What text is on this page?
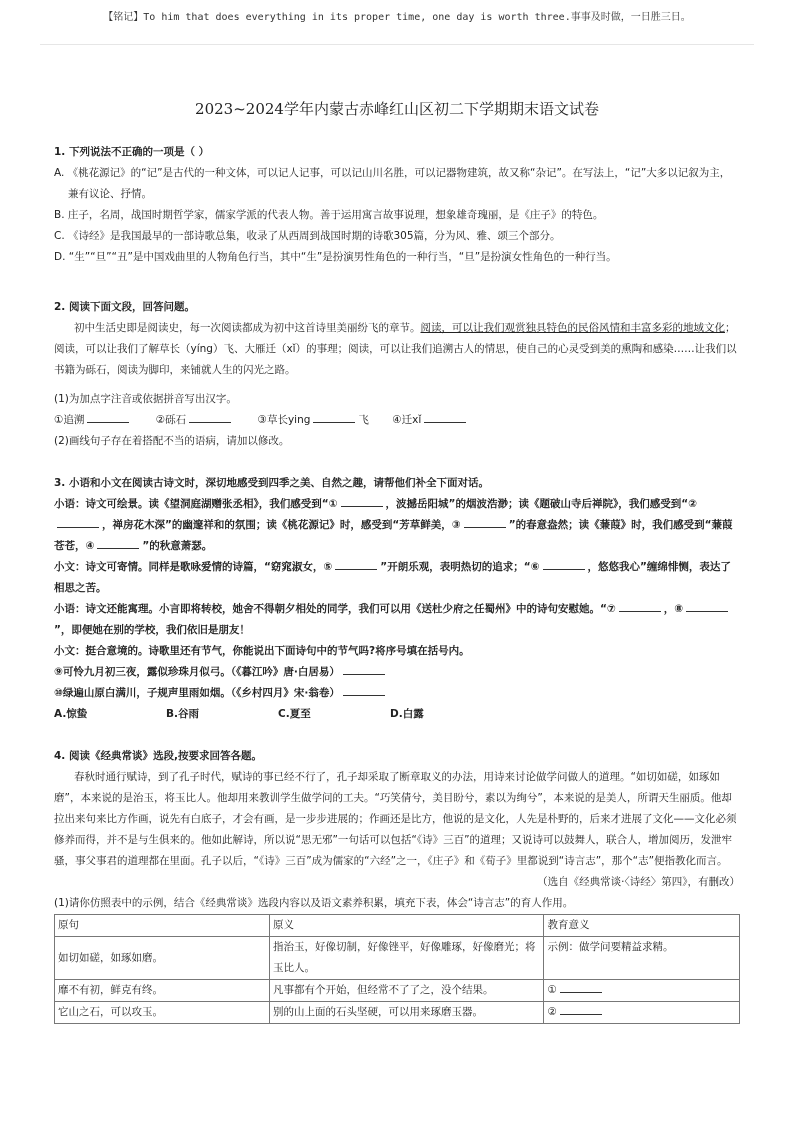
【铭记】To him that does everything in its proper time, one day is worth three.事事及时做，一日胜三日。
2023~2024学年内蒙古赤峰红山区初二下学期期末语文试卷
1. 下列说法不正确的一项是（ ）
A. 《桃花源记》的“记”是古代的一种文体，可以记人记事，可以记山川名胜，可以记器物建筑，故又称“杂记”。在写法上，“记”大多以记叙为主，兼有议论、抒情。
B. 庄子，名周，战国时期哲学家，儒家学派的代表人物。善于运用寓言故事说理，想象雄奇瑰丽，是《庄子》的特色。
C. 《诗经》是我国最早的一部诗歌总集，收录了从西周到战国时期的诗歌305篇，分为风、雅、颂三个部分。
D. “生”“旦”“丑”是中国戏曲里的人物角色行当，其中“生”是扮演男性角色的一种行当，“旦”是扮演女性角色的一种行当。
2. 阅读下面文段，回答问题。
初中生活史即是阅读史，每一次阅读都成为初中这首诗里美丽纷飞的章节。阅读，可以让我们观赏独具特色的民俗风情和丰富多彩的地域文化；阅读，可以让我们了解草长（yíng）飞、大雁迁（xǐ）的事理；阅读，可以让我们追溯古人的情思，使自己的心灵受到美的熏陶和感染……让我们以书籍为砾石，阅读为脚印，来铺就人生的闪光之路。
(1)为加点字注音或依据拼音写出汉字。
①追溯	②砾石	③草长ying	飞 ④迁xǐ
(2)画线句子存在着搭配不当的语病，请加以修改。
3. 小语和小文在阅读古诗文时，深切地感受到四季之美、自然之趣，请帮他们补全下面对话。
小语：诗文可绘景。读《望洞庭湖赠张丞相》，我们感受到“①	，波撼岳阳城”的烟波浩渺；读《题破山寺后禅院》，我们感受到“②，禅房花木深”的幽邃祥和的氛围；读《桃花源记》时，感受到“芳草鲜美，③	”的春意盎然；读《蒹葭》时，我们感受到“蒹葭苍苍，④	”的秋意萧瑟。
小文：诗文可寄情。同样是歌咏爱情的诗篇，“窈窕淑女，⑤	”开朗乐观，表明热切的追求；“⑥	，悠悠我心”缠绵悱恻，表达了相思之苦。
小语：诗文还能寓理。小言即将转校，她舍不得朝夕相处的同学，我们可以用《送杜少府之任蜀州》中的诗句安慰她。“⑦	，⑧”，即便她在别的学校，我们依旧是朋友！
小文：挺合意境的。诗歌里还有节气，你能说出下面诗句中的节气吗?将序号填在括号内。
⑨可怜九月初三夜，露似珍珠月似弓。（《暮江吟》唐·白居易）
⑩绿遍山原白满川，子规声里雨如烟。（《乡村四月》宋·翁卷）
A.惊蛰	B.谷雨	C.夏至	D.白露
4. 阅读《经典常谈》选段,按要求回答各题。
春秋时通行赋诗，到了孔子时代，赋诗的事已经不行了，孔子却采取了断章取义的办法，用诗来讨论做学问做人的道理。“如切如磋，如琢如磨”，本来说的是治玉，将玉比人。他却用来教训学生做学问的工夫。“巧笑倩兮，美目盼兮，素以为绚兮”，本来说的是美人，所谓天生丽质。他却拉出来句来比方作画，说先有白底子，才会有画，是一步步进展的；作画还是比方，他说的是文化，人先是朴野的，后来才进展了文化——文化必须修养而得，并不是与生俱来的。他如此解诗，所以说“思无邪”一句话可以包括“《诗》三百”的道理；又说诗可以鼓舞人，联合人，增加阅历，发泄牢骚，事父事君的道理都在里面。孔子以后，“《诗》三百”成为儒家的“六经”之一，《庄子》和《荀子》里都说到“诗言志”，那个“志”便指教化而言。
（选自《经典常谈·〈诗经〉第四》，有删改）
(1)请你仿照表中的示例，结合《经典常谈》选段内容以及语文素养积累，填充下表，体会“诗言志”的育人作用。
原句	原义	教育意义
如切如磋，如琢如磨。	指治玉，好像切制，好像锉平，好像雕琢，好像磨光；将玉比人。	示例：做学问要精益求精。
靡不有初，鲜克有终。	凡事都有个开始，但经常不了了之，没个结果。	①
它山之石，可以攻玉。	别的山上面的石头坚硬，可以用来琢磨玉器。	②
